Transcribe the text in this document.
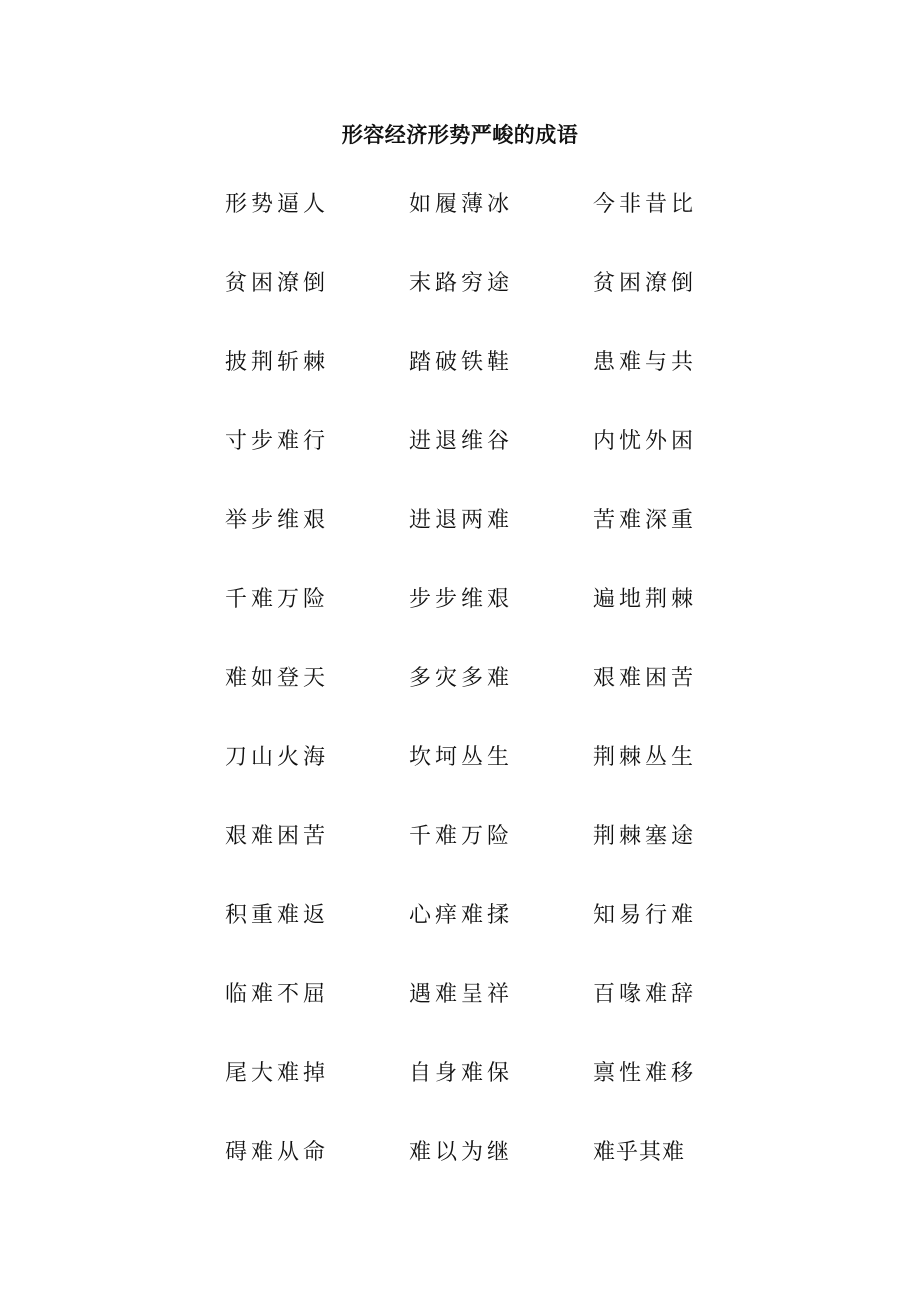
形容经济形势严峻的成语
形势逼人	如履薄冰	今非昔比
贫困潦倒	末路穷途	贫困潦倒
披荆斩棘	踏破铁鞋	患难与共
寸步难行	进退维谷	内忧外困
举步维艰	进退两难	苦难深重
千难万险	步步维艰	遍地荆棘
难如登天	多灾多难	艰难困苦
刀山火海	坎坷丛生	荆棘丛生
艰难困苦	千难万险	荆棘塞途
积重难返	心痒难揉	知易行难
临难不屈	遇难呈祥	百喙难辞
尾大难掉	自身难保	禀性难移
碍难从命	难以为继	难乎其难
